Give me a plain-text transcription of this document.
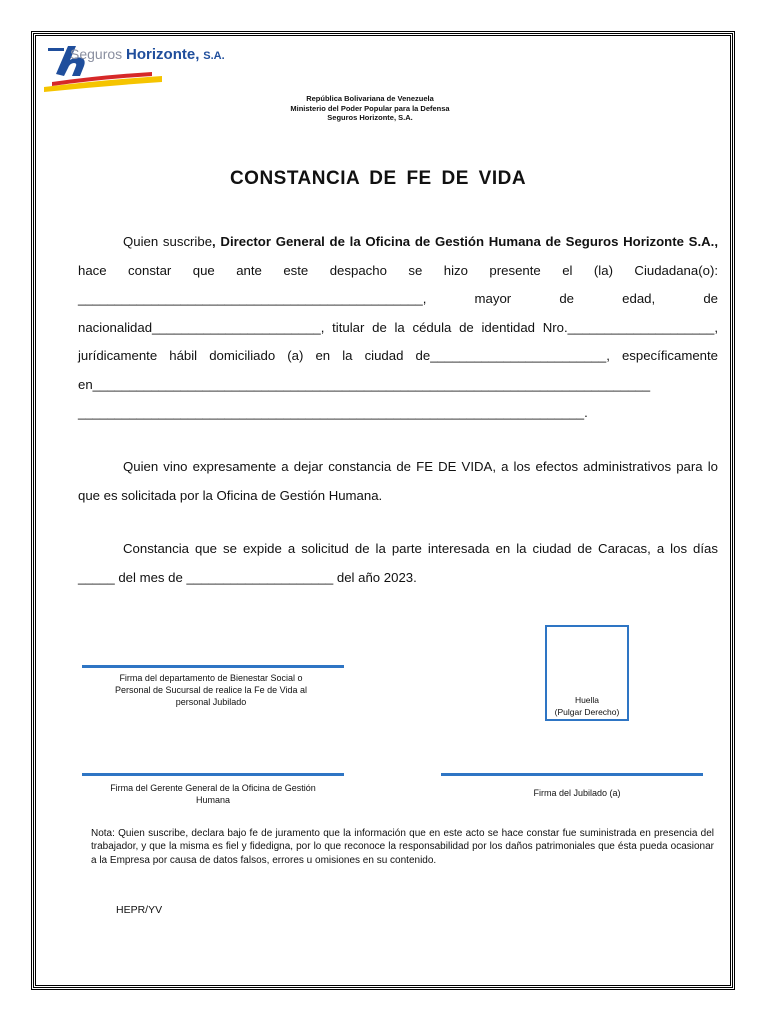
Seguros Horizonte, S.A.
República Bolivariana de Venezuela
Ministerio del Poder Popular para la Defensa
Seguros Horizonte, S.A.
CONSTANCIA DE FE DE VIDA
Quien suscribe, Director General de la Oficina de Gestión Humana de Seguros Horizonte S.A., hace constar que ante este despacho se hizo presente el (la) Ciudadana(o): _______________________________________________, mayor de edad, de nacionalidad_______________________, titular de la cédula de identidad Nro.____________________, jurídicamente hábil domiciliado (a) en la ciudad de________________________, específicamente en____________________________________________________________________________ _____________________________________________________________________.
Quien vino expresamente a dejar constancia de FE DE VIDA, a los efectos administrativos para lo que es solicitada por la Oficina de Gestión Humana.
Constancia que se expide a solicitud de la parte interesada en la ciudad de Caracas, a los días _____ del mes de ____________________ del año 2023.
Firma del departamento de Bienestar Social o Personal de Sucursal de realice la Fe de Vida al personal Jubilado	Huella
(Pulgar Derecho)
Firma del Gerente General de la Oficina de Gestión Humana
Firma del Jubilado (a)
Nota: Quien suscribe, declara bajo fe de juramento que la información que en este acto se hace constar fue suministrada en presencia del trabajador, y que la misma es fiel y fidedigna, por lo que reconoce la responsabilidad por los daños patrimoniales que ésta pueda ocasionar a la Empresa por causa de datos falsos, errores u omisiones en su contenido.
HEPR/YV
